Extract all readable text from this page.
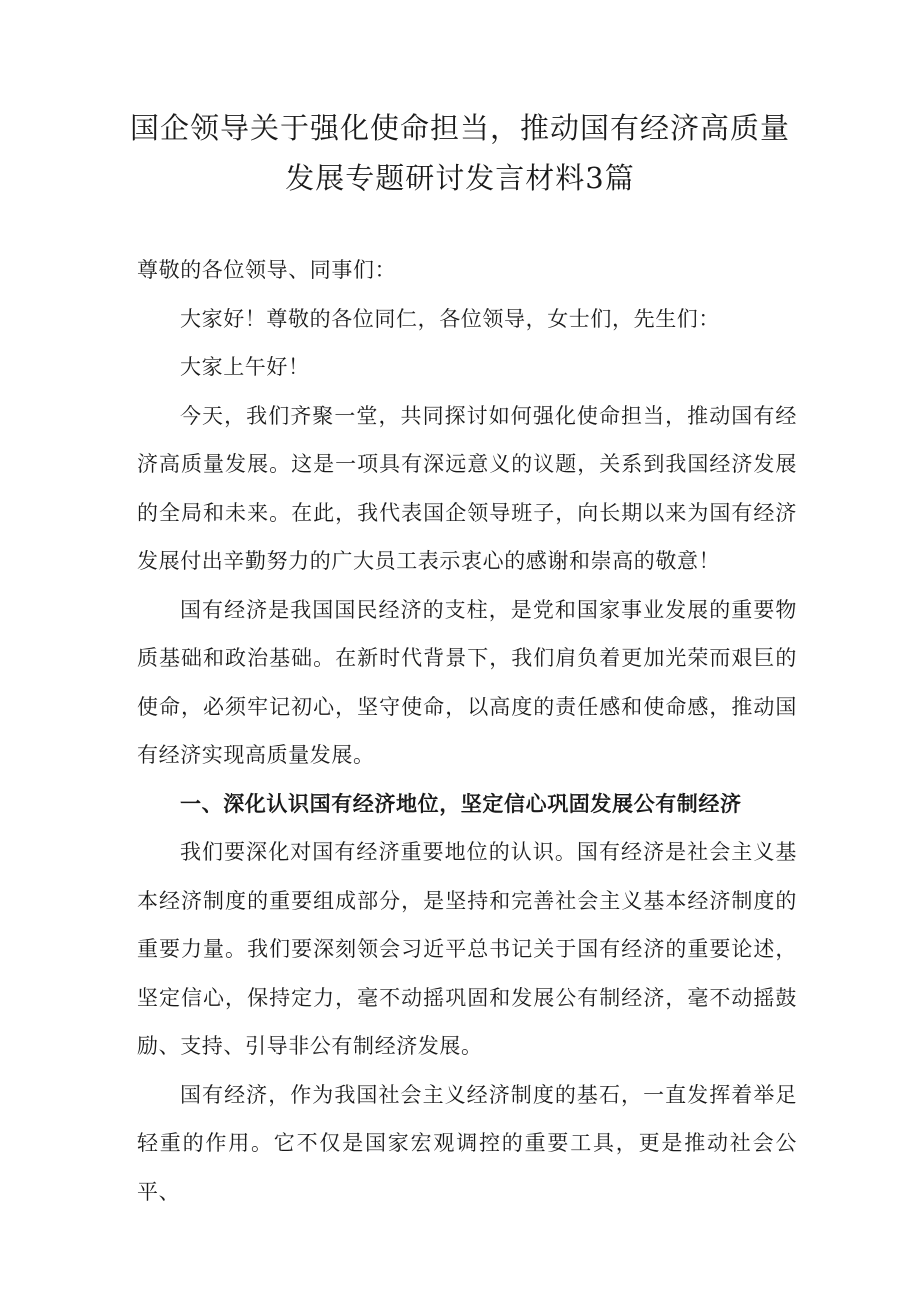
国企领导关于强化使命担当，推动国有经济高质量
发展专题研讨发言材料3篇

尊敬的各位领导、同事们：

大家好！尊敬的各位同仁，各位领导，女士们，先生们：

大家上午好！

今天，我们齐聚一堂，共同探讨如何强化使命担当，推动国有经济高质量发展。这是一项具有深远意义的议题，关系到我国经济发展的全局和未来。在此，我代表国企领导班子，向长期以来为国有经济发展付出辛勤努力的广大员工表示衷心的感谢和崇高的敬意！

国有经济是我国国民经济的支柱，是党和国家事业发展的重要物质基础和政治基础。在新时代背景下，我们肩负着更加光荣而艰巨的使命，必须牢记初心，坚守使命，以高度的责任感和使命感，推动国有经济实现高质量发展。

一、深化认识国有经济地位，坚定信心巩固发展公有制经济

我们要深化对国有经济重要地位的认识。国有经济是社会主义基本经济制度的重要组成部分，是坚持和完善社会主义基本经济制度的重要力量。我们要深刻领会习近平总书记关于国有经济的重要论述，坚定信心，保持定力，毫不动摇巩固和发展公有制经济，毫不动摇鼓励、支持、引导非公有制经济发展。

国有经济，作为我国社会主义经济制度的基石，一直发挥着举足轻重的作用。它不仅是国家宏观调控的重要工具，更是推动社会公平、
